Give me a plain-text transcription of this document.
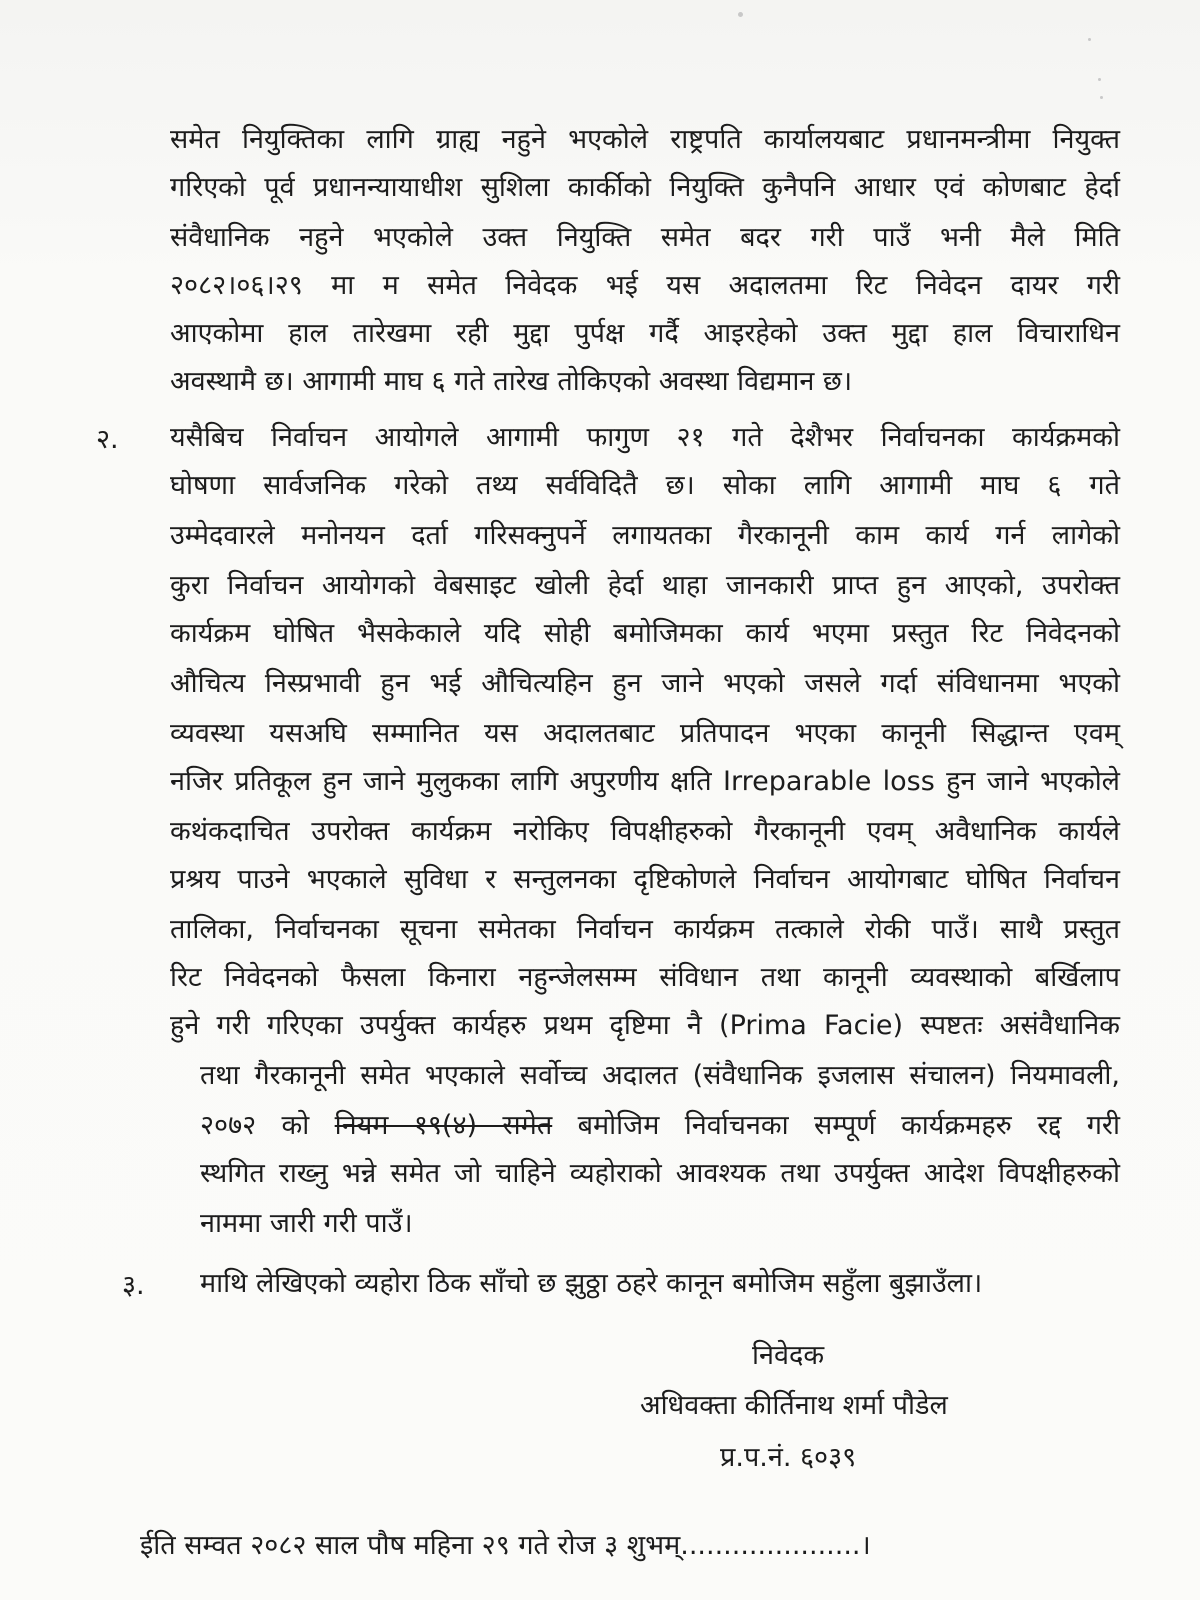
समेत नियुक्तिका लागि ग्राह्य नहुने भएकोले राष्ट्रपति कार्यालयबाट प्रधानमन्त्रीमा नियुक्त
गरिएको पूर्व प्रधानन्यायाधीश सुशिला कार्कीको नियुक्ति कुनैपनि आधार एवं कोणबाट हेर्दा
संवैधानिक नहुने भएकोले उक्त नियुक्ति समेत बदर गरी पाउँ भनी मैले मिति
२०८२।०६।२९ मा म समेत निवेदक भई यस अदालतमा रिट निवेदन दायर गरी
आएकोमा हाल तारेखमा रही मुद्दा पुर्पक्ष गर्दै आइरहेको उक्त मुद्दा हाल विचाराधिन
अवस्थामै छ। आगामी माघ ६ गते तारेख तोकिएको अवस्था विद्यमान छ।
२. यसैबिच निर्वाचन आयोगले आगामी फागुण २१ गते देशैभर निर्वाचनका कार्यक्रमको
घोषणा सार्वजनिक गरेको तथ्य सर्वविदितै छ। सोका लागि आगामी माघ ६ गते
उम्मेदवारले मनोनयन दर्ता गरिसक्नुपर्ने लगायतका गैरकानूनी काम कार्य गर्न लागेको
कुरा निर्वाचन आयोगको वेबसाइट खोली हेर्दा थाहा जानकारी प्राप्त हुन आएको, उपरोक्त
कार्यक्रम घोषित भैसकेकाले यदि सोही बमोजिमका कार्य भएमा प्रस्तुत रिट निवेदनको
औचित्य निस्प्रभावी हुन भई औचित्यहिन हुन जाने भएको जसले गर्दा संविधानमा भएको
व्यवस्था यसअघि सम्मानित यस अदालतबाट प्रतिपादन भएका कानूनी सिद्धान्त एवम्
नजिर प्रतिकूल हुन जाने मुलुकका लागि अपुरणीय क्षति Irreparable loss हुन जाने भएकोले
कथंकदाचित उपरोक्त कार्यक्रम नरोकिए विपक्षीहरुको गैरकानूनी एवम् अवैधानिक कार्यले
प्रश्रय पाउने भएकाले सुविधा र सन्तुलनका दृष्टिकोणले निर्वाचन आयोगबाट घोषित निर्वाचन
तालिका, निर्वाचनका सूचना समेतका निर्वाचन कार्यक्रम तत्काले रोकी पाउँ। साथै प्रस्तुत
रिट निवेदनको फैसला किनारा नहुन्जेलसम्म संविधान तथा कानूनी व्यवस्थाको बर्खिलाप
हुने गरी गरिएका उपर्युक्त कार्यहरु प्रथम दृष्टिमा नै (Prima Facie) स्पष्टतः असंवैधानिक
तथा गैरकानूनी समेत भएकाले सर्वोच्च अदालत (संवैधानिक इजलास संचालन) नियमावली,
२०७२ को नियम १९(४) समेत बमोजिम निर्वाचनका सम्पूर्ण कार्यक्रमहरु रद्द गरी
स्थगित राख्नु भन्ने समेत जो चाहिने व्यहोराको आवश्यक तथा उपर्युक्त आदेश विपक्षीहरुको
नाममा जारी गरी पाउँ।
३. माथि लेखिएको व्यहोरा ठिक साँचो छ झुठ्ठा ठहरे कानून बमोजिम सहुँला बुझाउँला।
निवेदक
अधिवक्ता कीर्तिनाथ शर्मा पौडेल
प्र.प.नं. ६०३९
ईति सम्वत २०८२ साल पौष महिना २९ गते रोज ३ शुभम्.....................।
